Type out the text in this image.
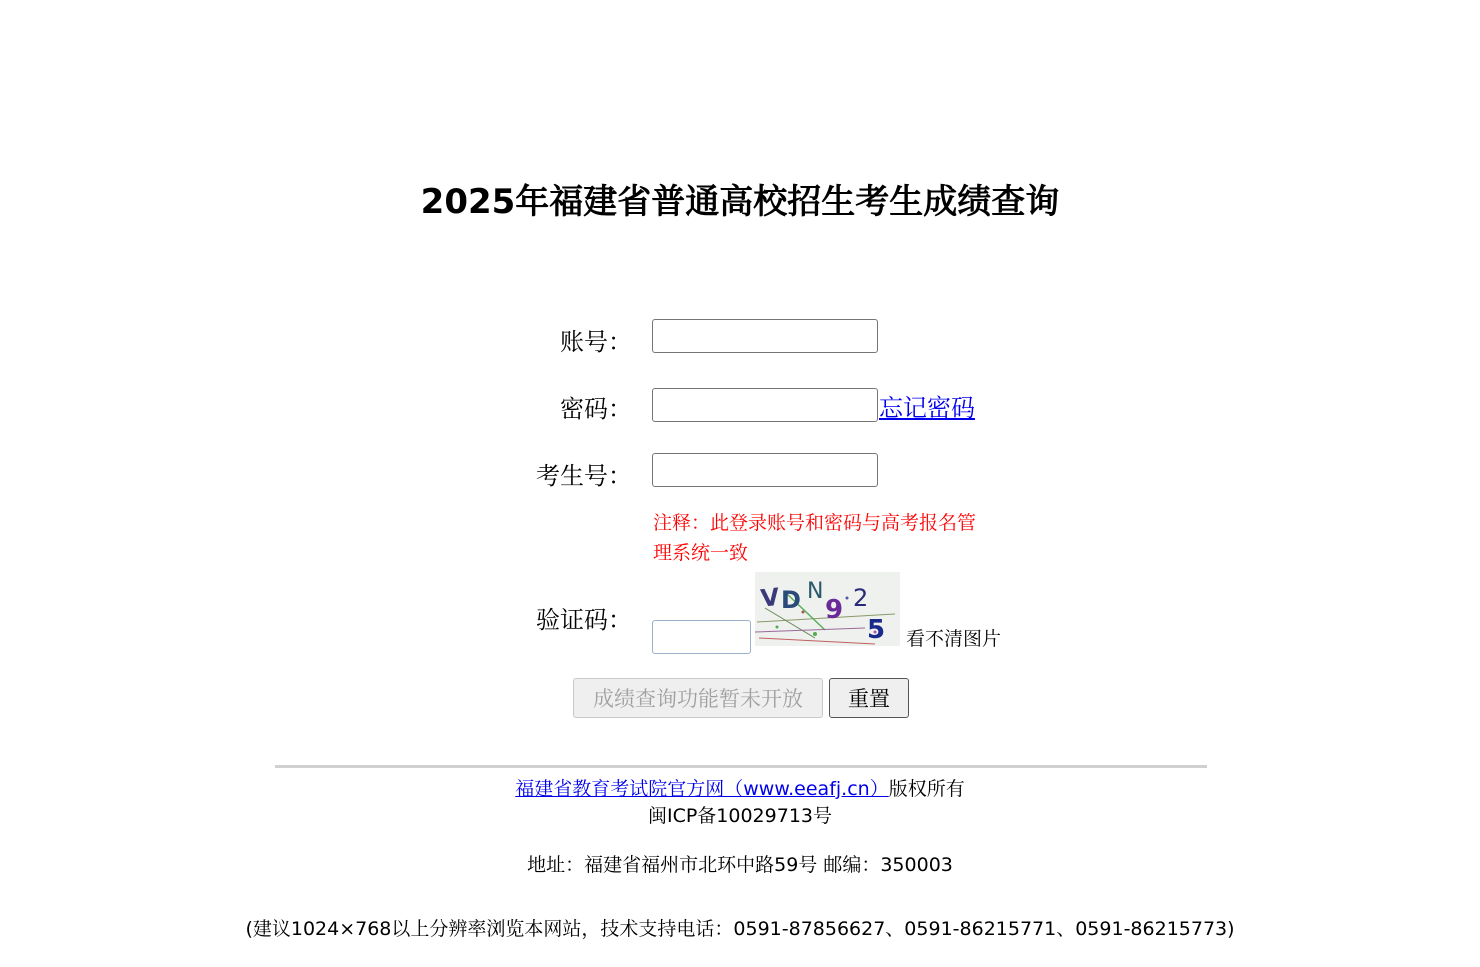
2025年福建省普通高校招生考生成绩查询
账号：
密码：	忘记密码
考生号：
注释：此登录账号和密码与高考报名管理系统一致
验证码：
V D N
9 2
5 看不清图片
成绩查询功能暂未开放	重置
福建省教育考试院官方网（www.eeafj.cn）版权所有
闽ICP备10029713号
地址：福建省福州市北环中路59号 邮编：350003
(建议1024×768以上分辨率浏览本网站，技术支持电话：0591-87856627、0591-86215771、0591-86215773)
